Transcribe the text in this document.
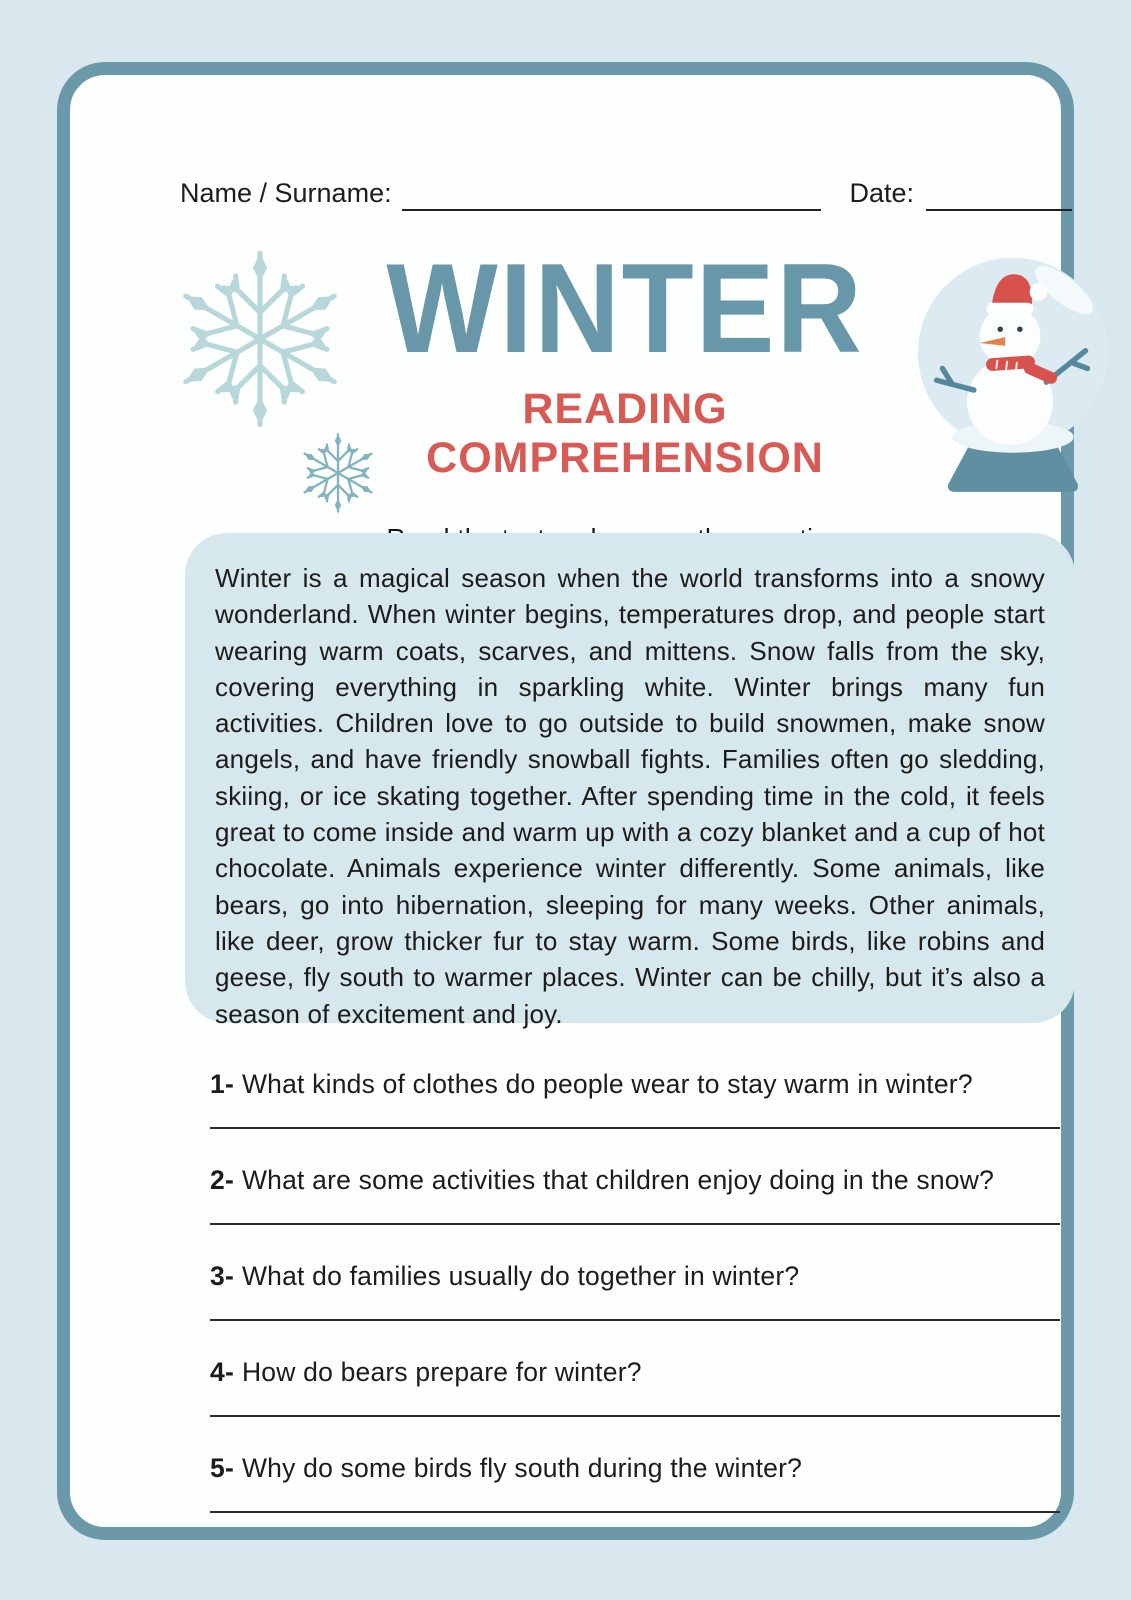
Name / Surname:	Date:
WINTER
READING COMPREHENSION
Winter is a magical season when the world transforms into a snowy wonderland. When winter begins, temperatures drop, and people start wearing warm coats, scarves, and mittens. Snow falls from the sky, covering everything in sparkling white. Winter brings many fun activities. Children love to go outside to build snowmen, make snow angels, and have friendly snowball fights. Families often go sledding, skiing, or ice skating together. After spending time in the cold, it feels great to come inside and warm up with a cozy blanket and a cup of hot chocolate. Animals experience winter differently. Some animals, like bears, go into hibernation, sleeping for many weeks. Other animals, like deer, grow thicker fur to stay warm. Some birds, like robins and geese, fly south to warmer places. Winter can be chilly, but it’s also a season of excitement and joy.

1- What kinds of clothes do people wear to stay warm in winter?

2- What are some activities that children enjoy doing in the snow?

3- What do families usually do together in winter?

4- How do bears prepare for winter?

5- Why do some birds fly south during the winter?
